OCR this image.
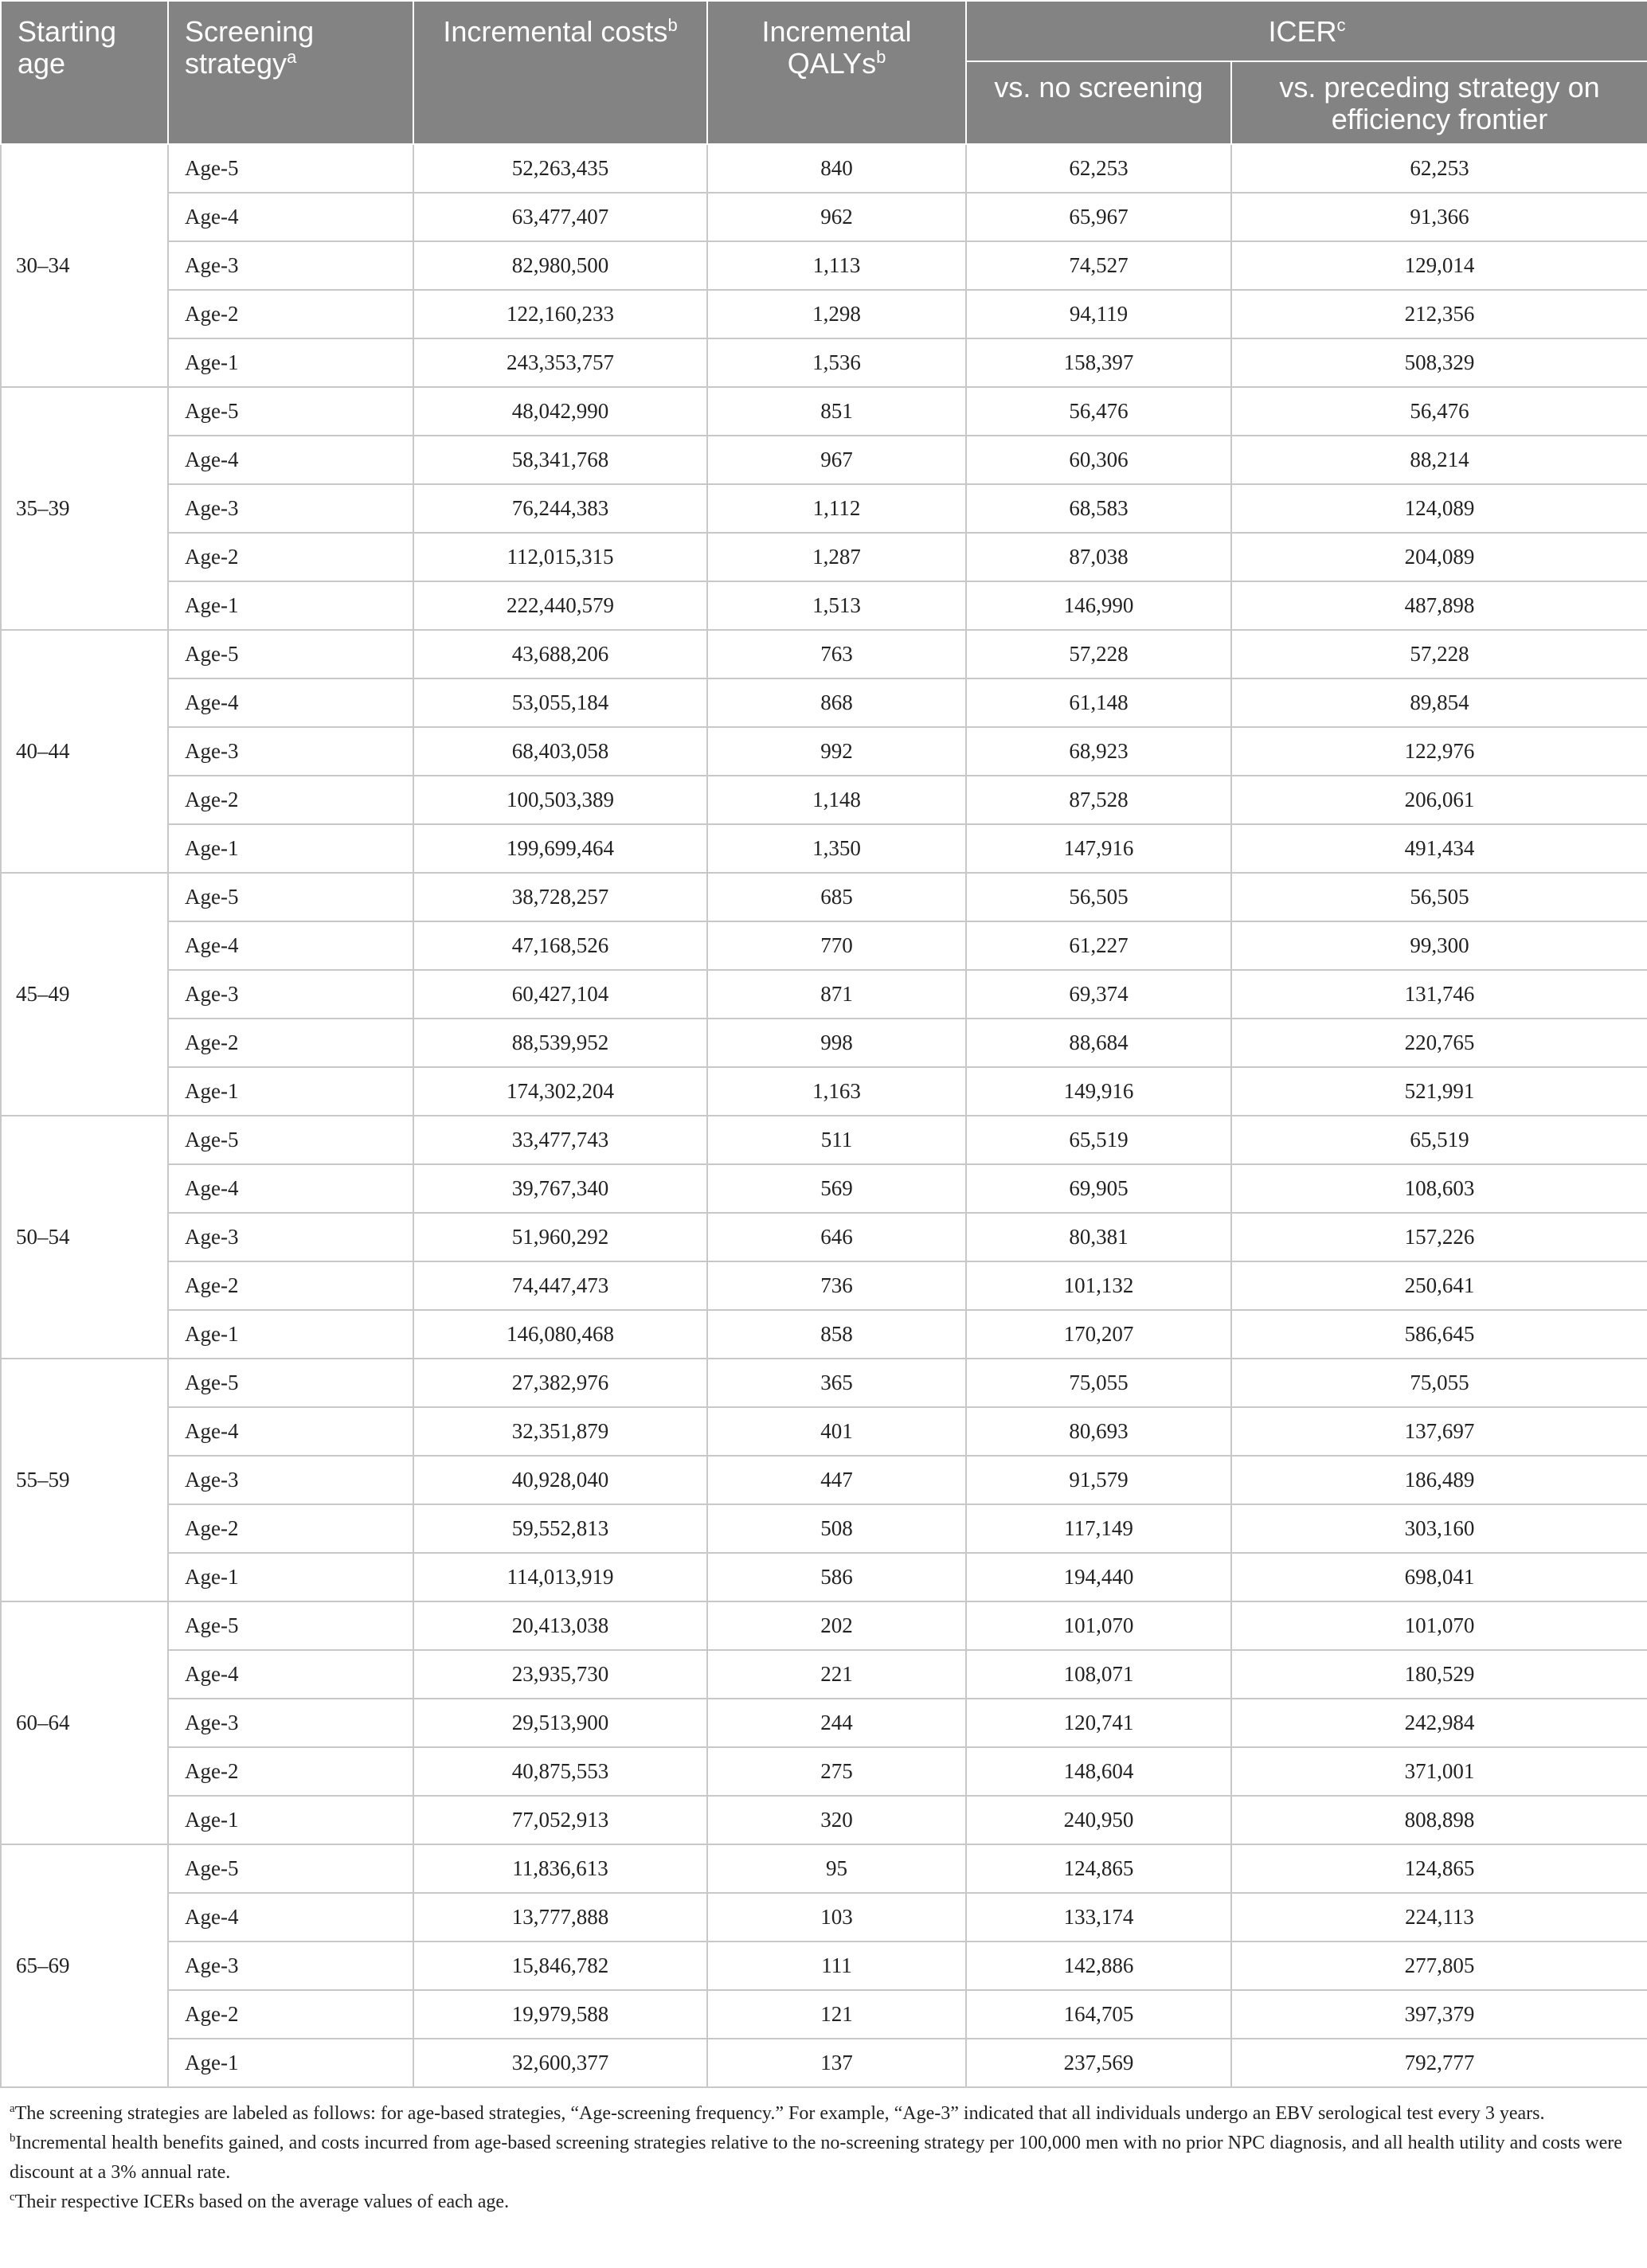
Starting age	Screening strategy$^a$	Incremental costs$^b$	Incremental QALYs$^b$	ICER$^c$
				vs. no screening	vs. preceding strategy on efficiency frontier
30–34	Age-5	52,263,435	840	62,253	62,253
	Age-4	63,477,407	962	65,967	91,366
	Age-3	82,980,500	1,113	74,527	129,014
	Age-2	122,160,233	1,298	94,119	212,356
	Age-1	243,353,757	1,536	158,397	508,329
35–39	Age-5	48,042,990	851	56,476	56,476
	Age-4	58,341,768	967	60,306	88,214
	Age-3	76,244,383	1,112	68,583	124,089
	Age-2	112,015,315	1,287	87,038	204,089
	Age-1	222,440,579	1,513	146,990	487,898
40–44	Age-5	43,688,206	763	57,228	57,228
	Age-4	53,055,184	868	61,148	89,854
	Age-3	68,403,058	992	68,923	122,976
	Age-2	100,503,389	1,148	87,528	206,061
	Age-1	199,699,464	1,350	147,916	491,434
45–49	Age-5	38,728,257	685	56,505	56,505
	Age-4	47,168,526	770	61,227	99,300
	Age-3	60,427,104	871	69,374	131,746
	Age-2	88,539,952	998	88,684	220,765
	Age-1	174,302,204	1,163	149,916	521,991
50–54	Age-5	33,477,743	511	65,519	65,519
	Age-4	39,767,340	569	69,905	108,603
	Age-3	51,960,292	646	80,381	157,226
	Age-2	74,447,473	736	101,132	250,641
	Age-1	146,080,468	858	170,207	586,645
55–59	Age-5	27,382,976	365	75,055	75,055
	Age-4	32,351,879	401	80,693	137,697
	Age-3	40,928,040	447	91,579	186,489
	Age-2	59,552,813	508	117,149	303,160
	Age-1	114,013,919	586	194,440	698,041
60–64	Age-5	20,413,038	202	101,070	101,070
	Age-4	23,935,730	221	108,071	180,529
	Age-3	29,513,900	244	120,741	242,984
	Age-2	40,875,553	275	148,604	371,001
	Age-1	77,052,913	320	240,950	808,898
65–69	Age-5	11,836,613	95	124,865	124,865
	Age-4	13,777,888	103	133,174	224,113
	Age-3	15,846,782	111	142,886	277,805
	Age-2	19,979,588	121	164,705	397,379
	Age-1	32,600,377	137	237,569	792,777

$^a$The screening strategies are labeled as follows: for age-based strategies, “Age-screening frequency.” For example, “Age-3” indicated that all individuals undergo an EBV serological test every 3 years.

$^b$Incremental health benefits gained, and costs incurred from age-based screening strategies relative to the no-screening strategy per 100,000 men with no prior NPC diagnosis, and all health utility and costs were discount at a 3% annual rate.

$^c$Their respective ICERs based on the average values of each age.
